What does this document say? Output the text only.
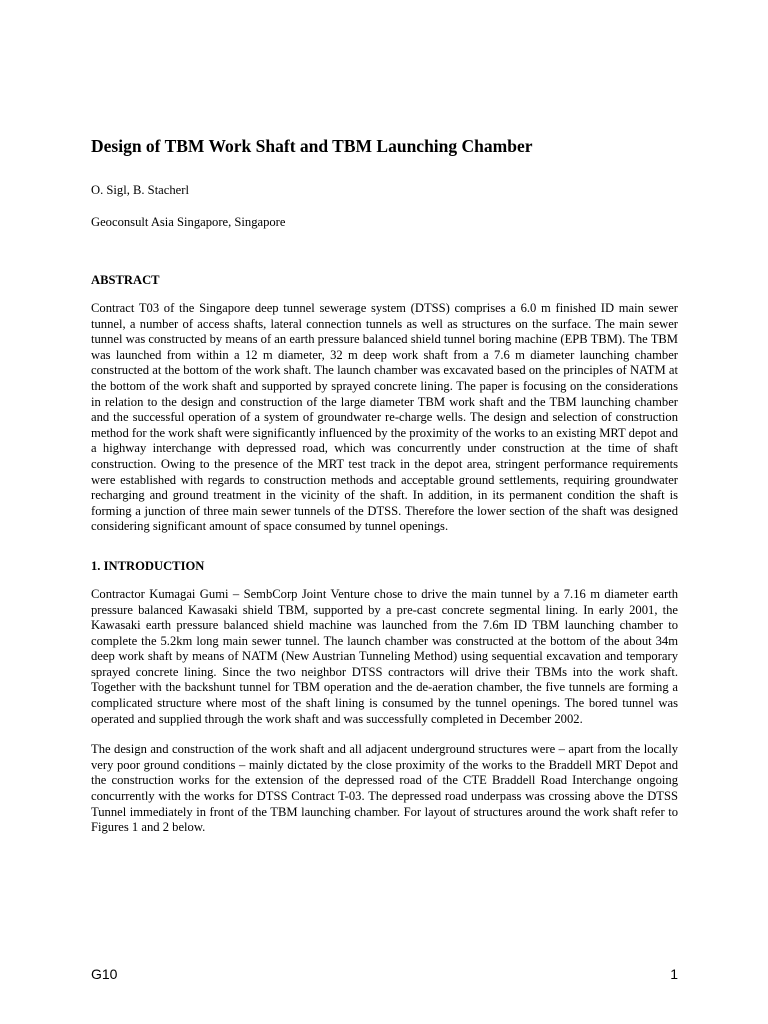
Design of TBM Work Shaft and TBM Launching Chamber

O. Sigl, B. Stacherl

Geoconsult Asia Singapore, Singapore

ABSTRACT

Contract T03 of the Singapore deep tunnel sewerage system (DTSS) comprises a 6.0 m finished ID main sewer tunnel, a number of access shafts, lateral connection tunnels as well as structures on the surface. The main sewer tunnel was constructed by means of an earth pressure balanced shield tunnel boring machine (EPB TBM). The TBM was launched from within a 12 m diameter, 32 m deep work shaft from a 7.6 m diameter launching chamber constructed at the bottom of the work shaft. The launch chamber was excavated based on the principles of NATM at the bottom of the work shaft and supported by sprayed concrete lining. The paper is focusing on the considerations in relation to the design and construction of the large diameter TBM work shaft and the TBM launching chamber and the successful operation of a system of groundwater re-charge wells. The design and selection of construction method for the work shaft were significantly influenced by the proximity of the works to an existing MRT depot and a highway interchange with depressed road, which was concurrently under construction at the time of shaft construction. Owing to the presence of the MRT test track in the depot area, stringent performance requirements were established with regards to construction methods and acceptable ground settlements, requiring groundwater recharging and ground treatment in the vicinity of the shaft. In addition, in its permanent condition the shaft is forming a junction of three main sewer tunnels of the DTSS. Therefore the lower section of the shaft was designed considering significant amount of space consumed by tunnel openings.

1. INTRODUCTION

Contractor Kumagai Gumi – SembCorp Joint Venture chose to drive the main tunnel by a 7.16 m diameter earth pressure balanced Kawasaki shield TBM, supported by a pre-cast concrete segmental lining. In early 2001, the Kawasaki earth pressure balanced shield machine was launched from the 7.6m ID TBM launching chamber to complete the 5.2km long main sewer tunnel. The launch chamber was constructed at the bottom of the about 34m deep work shaft by means of NATM (New Austrian Tunneling Method) using sequential excavation and temporary sprayed concrete lining. Since the two neighbor DTSS contractors will drive their TBMs into the work shaft. Together with the backshunt tunnel for TBM operation and the de-aeration chamber, the five tunnels are forming a complicated structure where most of the shaft lining is consumed by the tunnel openings. The bored tunnel was operated and supplied through the work shaft and was successfully completed in December 2002.

The design and construction of the work shaft and all adjacent underground structures were – apart from the locally very poor ground conditions – mainly dictated by the close proximity of the works to the Braddell MRT Depot and the construction works for the extension of the depressed road of the CTE Braddell Road Interchange ongoing concurrently with the works for DTSS Contract T-03. The depressed road underpass was crossing above the DTSS Tunnel immediately in front of the TBM launching chamber. For layout of structures around the work shaft refer to Figures 1 and 2 below.

G10	1
